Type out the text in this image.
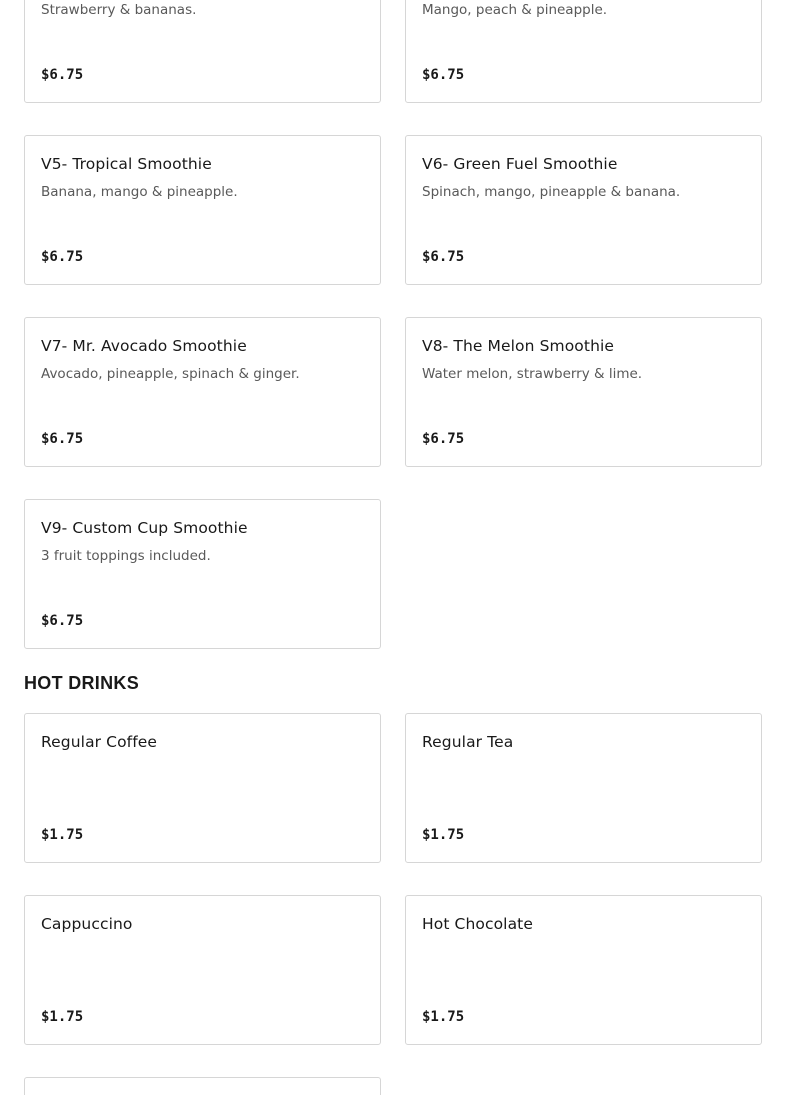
Strawberry & bananas.
$6.75
Mango, peach & pineapple.
$6.75
V5- Tropical Smoothie
Banana, mango & pineapple.
$6.75
V6- Green Fuel Smoothie
Spinach, mango, pineapple & banana.
$6.75
V7- Mr. Avocado Smoothie
Avocado, pineapple, spinach & ginger.
$6.75
V8- The Melon Smoothie
Water melon, strawberry & lime.
$6.75
V9- Custom Cup Smoothie
3 fruit toppings included.
$6.75
HOT DRINKS
Regular Coffee
$1.75
Regular Tea
$1.75
Cappuccino
$1.75
Hot Chocolate
$1.75
